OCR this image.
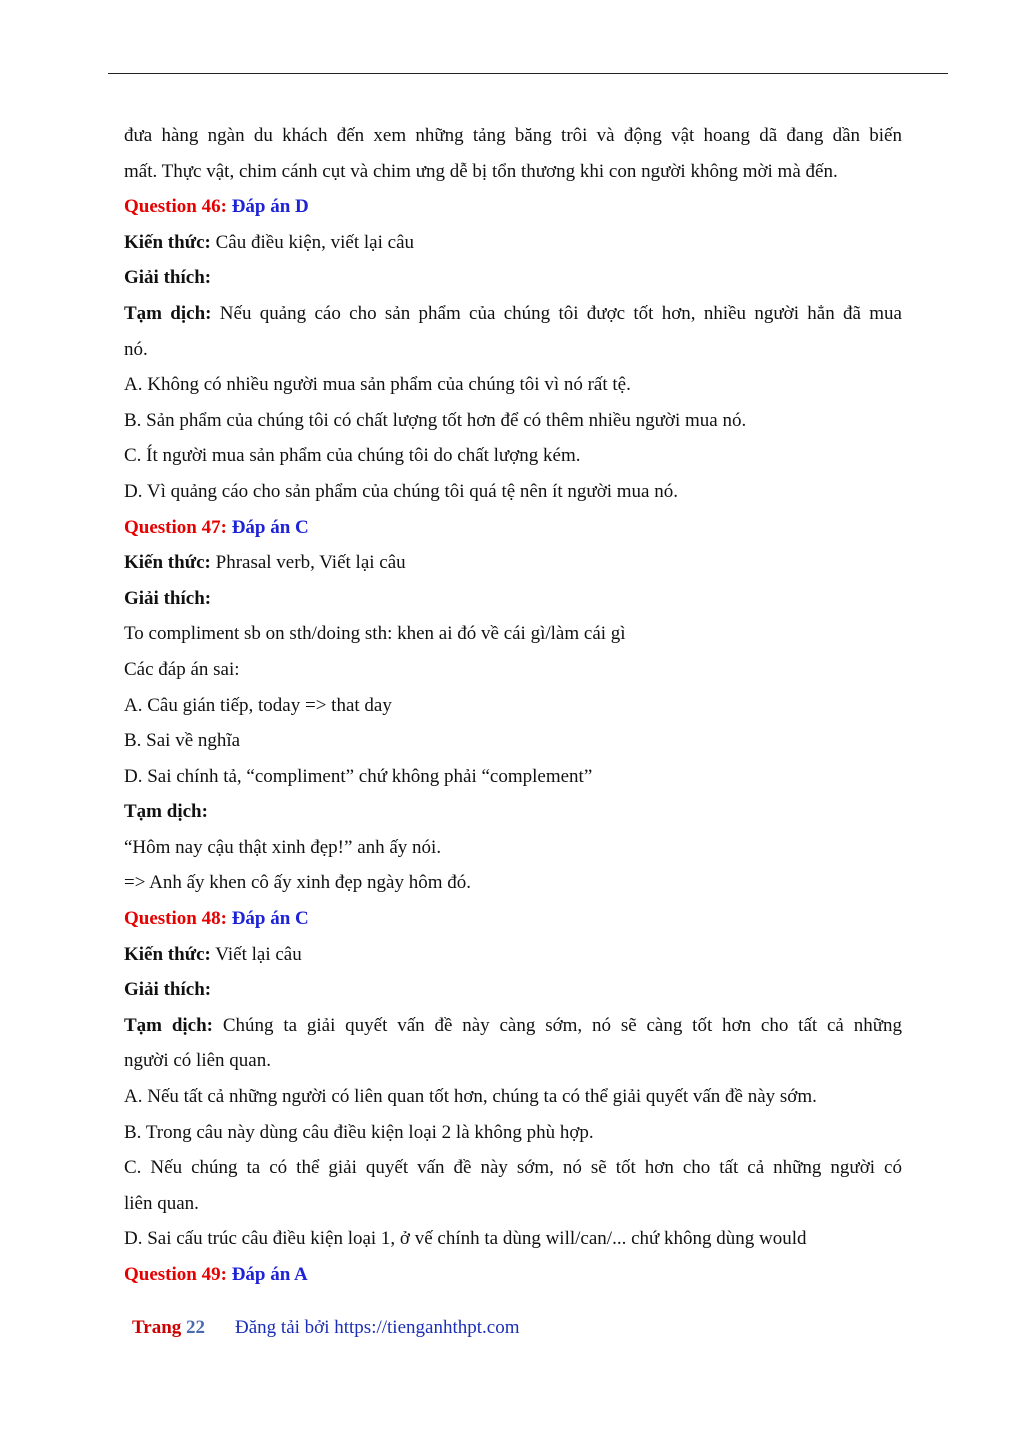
đưa hàng ngàn du khách đến xem những tảng băng trôi và động vật hoang dã đang dần biến
mất. Thực vật, chim cánh cụt và chim ưng dễ bị tổn thương khi con người không mời mà đến.
Question 46: Đáp án D
Kiến thức: Câu điều kiện, viết lại câu
Giải thích:
Tạm dịch: Nếu quảng cáo cho sản phẩm của chúng tôi được tốt hơn, nhiều người hẳn đã mua
nó.
A. Không có nhiều người mua sản phẩm của chúng tôi vì nó rất tệ.
B. Sản phẩm của chúng tôi có chất lượng tốt hơn để có thêm nhiều người mua nó.
C. Ít người mua sản phẩm của chúng tôi do chất lượng kém.
D. Vì quảng cáo cho sản phẩm của chúng tôi quá tệ nên ít người mua nó.
Question 47: Đáp án C
Kiến thức: Phrasal verb, Viết lại câu
Giải thích:
To compliment sb on sth/doing sth: khen ai đó về cái gì/làm cái gì
Các đáp án sai:
A. Câu gián tiếp, today => that day
B. Sai về nghĩa
D. Sai chính tả, “compliment” chứ không phải “complement”
Tạm dịch:
“Hôm nay cậu thật xinh đẹp!” anh ấy nói.
=> Anh ấy khen cô ấy xinh đẹp ngày hôm đó.
Question 48: Đáp án C
Kiến thức: Viết lại câu
Giải thích:
Tạm dịch: Chúng ta giải quyết vấn đề này càng sớm, nó sẽ càng tốt hơn cho tất cả những
người có liên quan.
A. Nếu tất cả những người có liên quan tốt hơn, chúng ta có thể giải quyết vấn đề này sớm.
B. Trong câu này dùng câu điều kiện loại 2 là không phù hợp.
C. Nếu chúng ta có thể giải quyết vấn đề này sớm, nó sẽ tốt hơn cho tất cả những người có
liên quan.
D. Sai cấu trúc câu điều kiện loại 1, ở vế chính ta dùng will/can/... chứ không dùng would
Question 49: Đáp án A
Trang 22 Đăng tải bởi https://tienganhthpt.com
